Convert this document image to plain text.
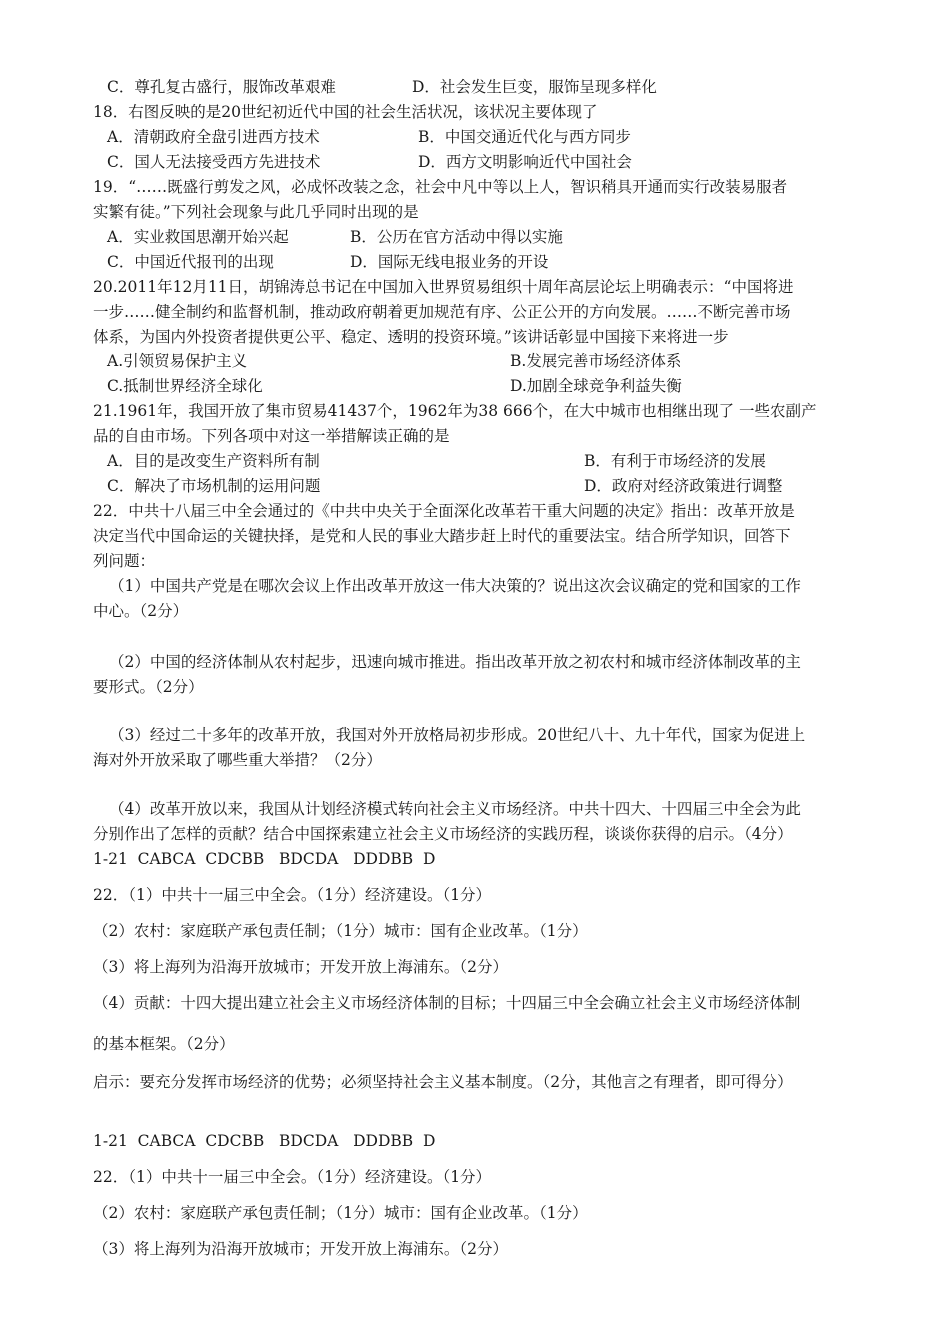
C．尊孔复古盛行，服饰改革艰难	D．社会发生巨变，服饰呈现多样化
18．右图反映的是20世纪初近代中国的社会生活状况，该状况主要体现了
A．清朝政府全盘引进西方技术	B．中国交通近代化与西方同步
C．国人无法接受西方先进技术	D．西方文明影响近代中国社会
19．“……既盛行剪发之风，必成怀改装之念，社会中凡中等以上人，智识稍具开通而实行改装易服者
实繁有徒。”下列社会现象与此几乎同时出现的是
A．实业救国思潮开始兴起	B．公历在官方活动中得以实施
C．中国近代报刊的出现	D．国际无线电报业务的开设
20.2011年12月11日，胡锦涛总书记在中国加入世界贸易组织十周年高层论坛上明确表示：“中国将进
一步……健全制约和监督机制，推动政府朝着更加规范有序、公正公开的方向发展。……不断完善市场
体系，为国内外投资者提供更公平、稳定、透明的投资环境。”该讲话彰显中国接下来将进一步
A.引领贸易保护主义	B.发展完善市场经济体系
C.抵制世界经济全球化	D.加剧全球竞争利益失衡
21.1961年，我国开放了集市贸易41437个，1962年为38 666个，在大中城市也相继出现了 一些农副产
品的自由市场。下列各项中对这一举措解读正确的是
A．目的是改变生产资料所有制	B．有利于市场经济的发展
C．解决了市场机制的运用问题	D．政府对经济政策进行调整
22．中共十八届三中全会通过的《中共中央关于全面深化改革若干重大问题的决定》指出：改革开放是
决定当代中国命运的关键抉择，是党和人民的事业大踏步赶上时代的重要法宝。结合所学知识，回答下
列问题：
（1）中国共产党是在哪次会议上作出改革开放这一伟大决策的？说出这次会议确定的党和国家的工作
中心。（2分）
（2）中国的经济体制从农村起步，迅速向城市推进。指出改革开放之初农村和城市经济体制改革的主
要形式。（2分）
（3）经过二十多年的改革开放，我国对外开放格局初步形成。20世纪八十、九十年代，国家为促进上
海对外开放采取了哪些重大举措？（2分）
（4）改革开放以来，我国从计划经济模式转向社会主义市场经济。中共十四大、十四届三中全会为此
分别作出了怎样的贡献？结合中国探索建立社会主义市场经济的实践历程，谈谈你获得的启示。（4分）
1-21  CABCA  CDCBB   BDCDA   DDDBB  D
22．（1）中共十一届三中全会。（1分）经济建设。（1分）
（2）农村：家庭联产承包责任制；（1分）城市：国有企业改革。（1分）
（3）将上海列为沿海开放城市；开发开放上海浦东。（2分）
（4）贡献：十四大提出建立社会主义市场经济体制的目标；十四届三中全会确立社会主义市场经济体制
的基本框架。（2分）
启示：要充分发挥市场经济的优势；必须坚持社会主义基本制度。（2分，其他言之有理者，即可得分）
1-21  CABCA  CDCBB   BDCDA   DDDBB  D
22．（1）中共十一届三中全会。（1分）经济建设。（1分）
（2）农村：家庭联产承包责任制；（1分）城市：国有企业改革。（1分）
（3）将上海列为沿海开放城市；开发开放上海浦东。（2分）
